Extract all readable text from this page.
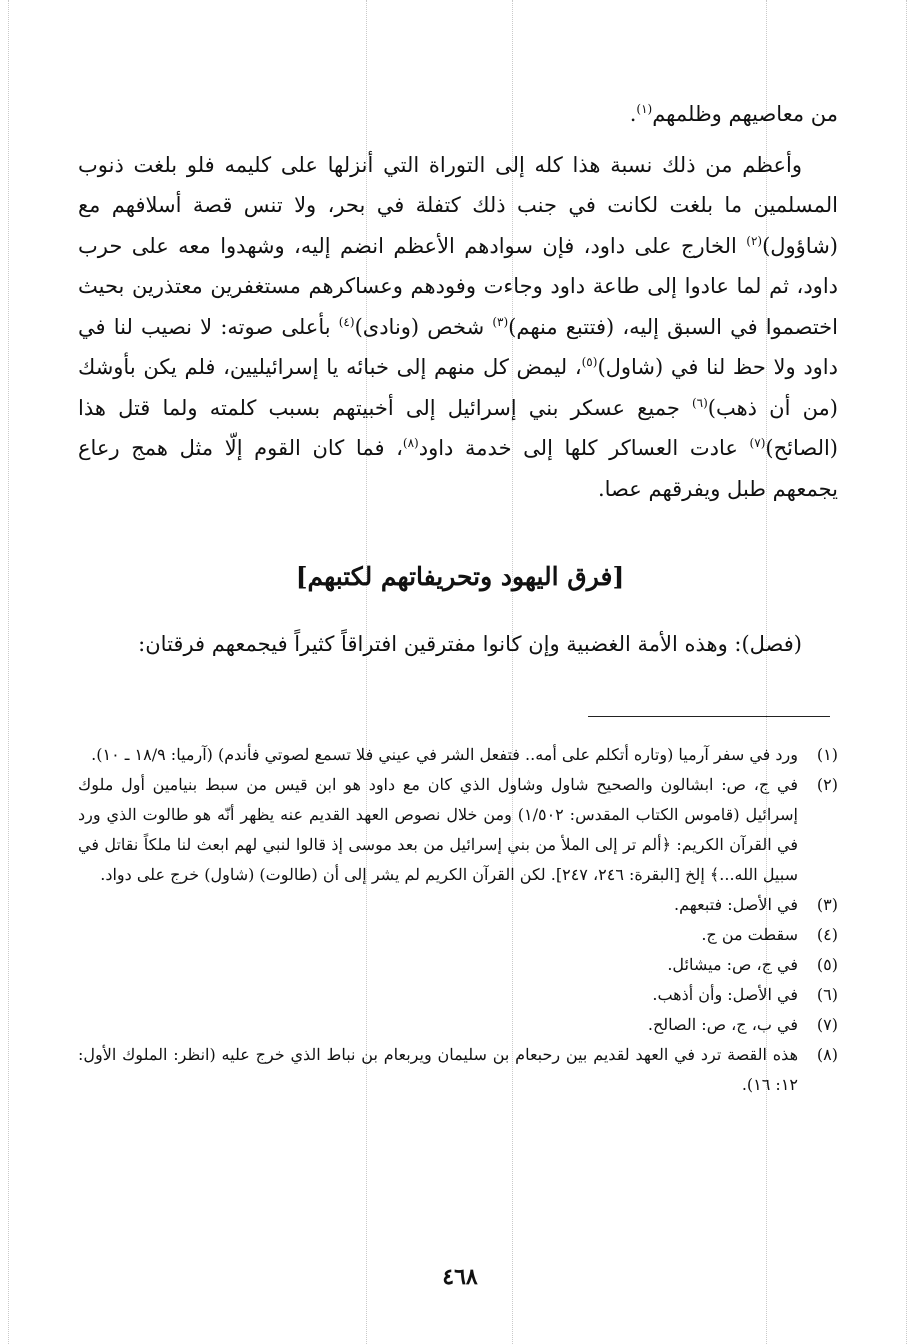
من معاصيهم وظلمهم$^{(١)}$.

وأعظم من ذلك نسبة هذا كله إلى التوراة التي أنزلها على كليمه فلو بلغت ذنوب المسلمين ما بلغت لكانت في جنب ذلك كتفلة في بحر، ولا تنس قصة أسلافهم مع (شاؤول)$^{(٢)}$ الخارج على داود، فإن سوادهم الأعظم انضم إليه، وشهدوا معه على حرب داود، ثم لما عادوا إلى طاعة داود وجاءت وفودهم وعساكرهم مستغفرين معتذرين بحيث اختصموا في السبق إليه، (فتتبع منهم)$^{(٣)}$ شخص (ونادى)$^{(٤)}$ بأعلى صوته: لا نصيب لنا في داود ولا حظ لنا في (شاول)$^{(٥)}$، ليمض كل منهم إلى خبائه يا إسرائيليين، فلم يكن بأوشك (من أن ذهب)$^{(٦)}$ جميع عسكر بني إسرائيل إلى أخبيتهم بسبب كلمته ولما قتل هذا (الصائح)$^{(٧)}$ عادت العساكر كلها إلى خدمة داود$^{(٨)}$، فما كان القوم إلّا مثل همج رعاع يجمعهم طبل ويفرقهم عصا.

[فرق اليهود وتحريفاتهم لكتبهم]
(فصل): وهذه الأمة الغضبية وإن كانوا مفترقين افتراقاً كثيراً فيجمعهم فرقتان:
(١)
ورد في سفر آرميا (وتاره أتكلم على أمه.. فتفعل الشر في عيني فلا تسمع لصوتي فأندم) (آرميا: ١٨/٩ ـ ١٠).
(٢)
في ج، ص: ابشالون والصحيح شاول وشاول الذي كان مع داود هو ابن قيس من سبط بنيامين أول ملوك إسرائيل (قاموس الكتاب المقدس: ١/٥٠٢) ومن خلال نصوص العهد القديم عنه يظهر أنّه هو طالوت الذي ورد في القرآن الكريم: ﴿ألم تر إلى الملأ من بني إسرائيل من بعد موسى إذ قالوا لنبي لهم ابعث لنا ملكاً نقاتل في سبيل الله...﴾ إلخ [البقرة: ٢٤٦، ٢٤٧]. لكن القرآن الكريم لم يشر إلى أن (طالوت) (شاول) خرج على دواد.
(٣)
في الأصل: فتبعهم.
(٤)
سقطت من ج.
(٥)
في ج، ص: ميشائل.
(٦)
في الأصل: وأن أذهب.
(٧)
في ب، ج، ص: الصالح.
(٨)
هذه القصة ترد في العهد لقديم بين رحبعام بن سليمان ويربعام بن نباط الذي خرج عليه (انظر: الملوك الأول: ١٢: ١٦).
٤٦٨
